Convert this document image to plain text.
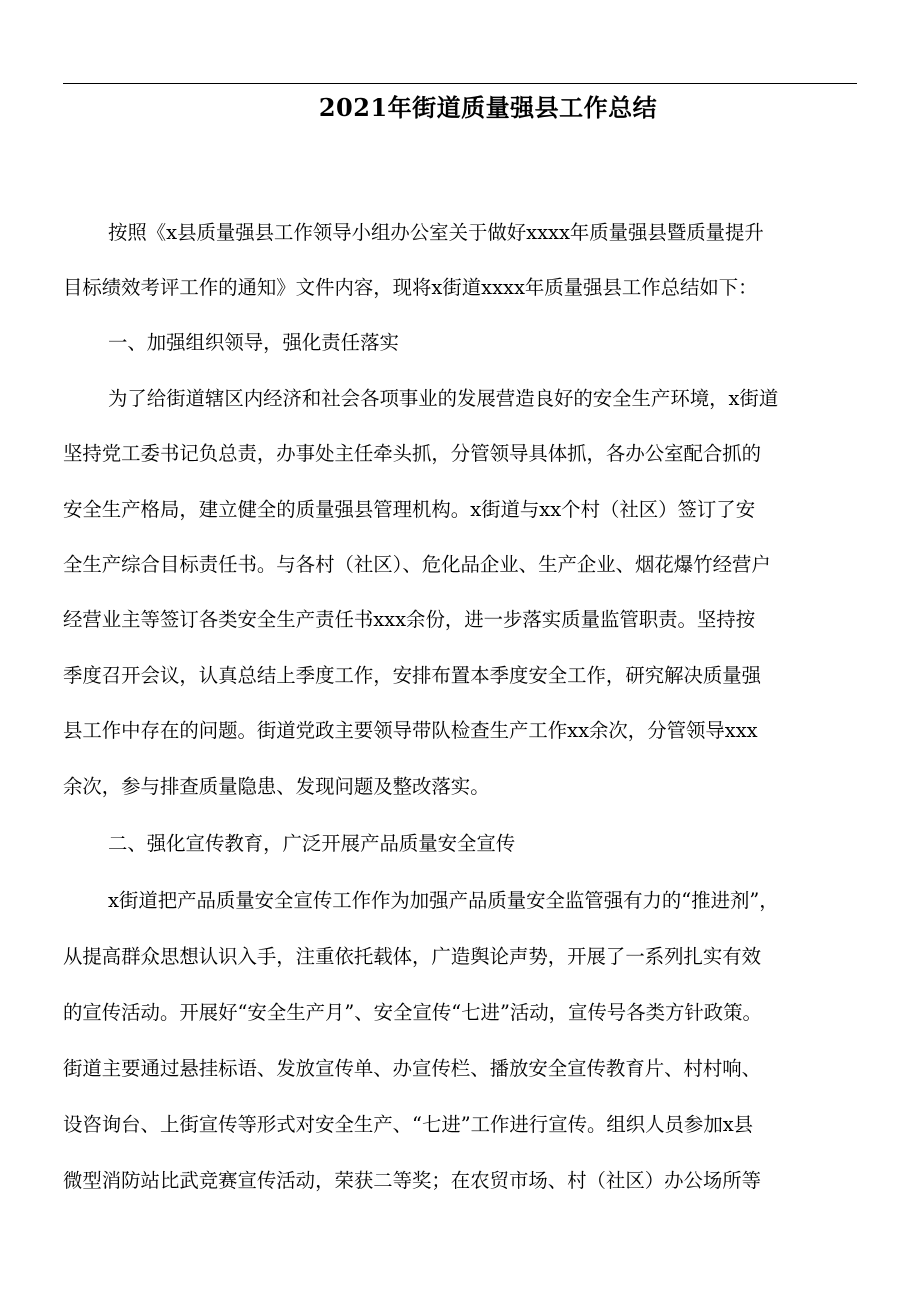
2021年街道质量强县工作总结

按照《x县质量强县工作领导小组办公室关于做好xxxx年质量强县暨质量提升

目标绩效考评工作的通知》文件内容，现将x街道xxxx年质量强县工作总结如下：

一、加强组织领导，强化责任落实

为了给街道辖区内经济和社会各项事业的发展营造良好的安全生产环境，x街道

坚持党工委书记负总责，办事处主任牵头抓，分管领导具体抓，各办公室配合抓的

安全生产格局，建立健全的质量强县管理机构。x街道与xx个村（社区）签订了安

全生产综合目标责任书。与各村（社区）、危化品企业、生产企业、烟花爆竹经营户

经营业主等签订各类安全生产责任书xxx余份，进一步落实质量监管职责。坚持按

季度召开会议，认真总结上季度工作，安排布置本季度安全工作，研究解决质量强

县工作中存在的问题。街道党政主要领导带队检查生产工作xx余次，分管领导xxx

余次，参与排查质量隐患、发现问题及整改落实。

二、强化宣传教育，广泛开展产品质量安全宣传

x街道把产品质量安全宣传工作作为加强产品质量安全监管强有力的“推进剂”，

从提高群众思想认识入手，注重依托载体，广造舆论声势，开展了一系列扎实有效

的宣传活动。开展好“安全生产月”、安全宣传“七进”活动，宣传号各类方针政策。

街道主要通过悬挂标语、发放宣传单、办宣传栏、播放安全宣传教育片、村村响、

设咨询台、上街宣传等形式对安全生产、“七进”工作进行宣传。组织人员参加x县

微型消防站比武竞赛宣传活动，荣获二等奖；在农贸市场、村（社区）办公场所等
